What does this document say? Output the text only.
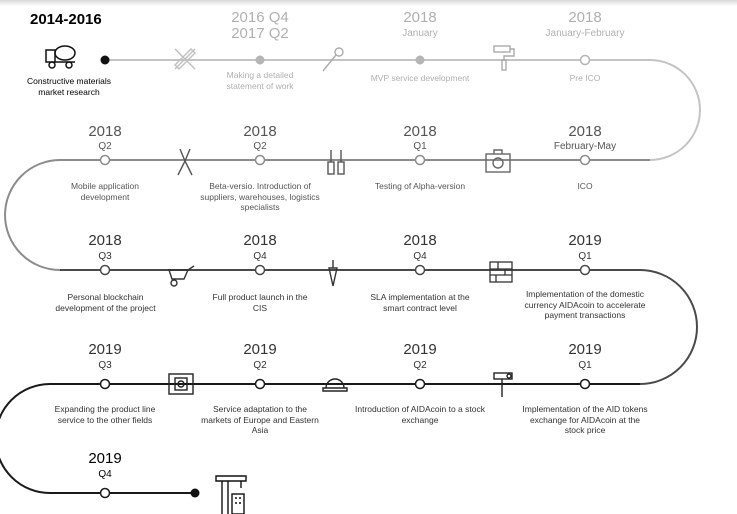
2014-2016
Constructive materials market research
2016 Q4
2017 Q2
Making a detailed statement of work
2018
January
MVP service development
2018
January-February
Pre ICO
2018
February-May
ICO
2018
Q1
Testing of Alpha-version
2018
Q2
Beta-versio. Introduction of suppliers, warehouses, logistics specialists
2018
Q2
Mobile application development
2018
Q3
Personal blockchain development of the project
2018
Q4
Full product launch in the CIS
2018
Q4
SLA implementation at the smart contract level
2019
Q1
Implementation of the domestic currency AIDAcoin to accelerate payment transactions
2019
Q1
Implementation of the AID tokens exchange for AIDAcoin at the stock price
2019
Q2
Introduction of AIDAcoin to a stock exchange
2019
Q2
Service adaptation to the markets of Europe and Eastern Asia
2019
Q3
Expanding the product line service to the other fields
2019
Q4
